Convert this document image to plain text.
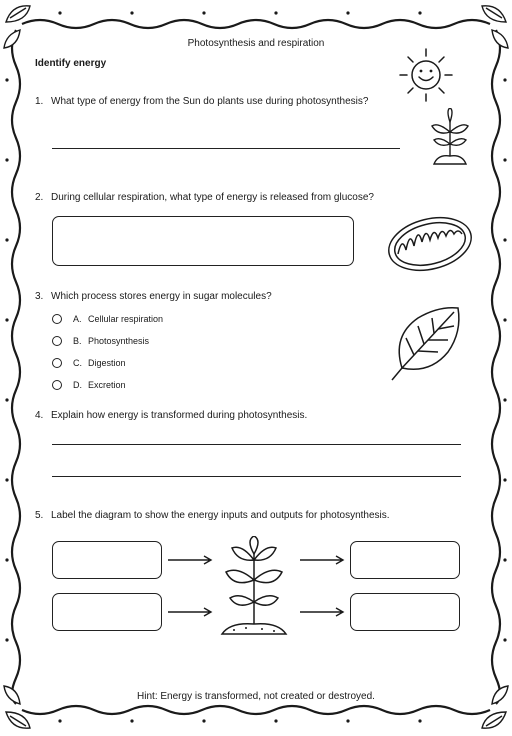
Photosynthesis and respiration
Identify energy
1. What type of energy from the Sun do plants use during photosynthesis?
2. During cellular respiration, what type of energy is released from glucose?
3. Which process stores energy in sugar molecules?
A. Cellular respiration
B. Photosynthesis
C. Digestion
D. Excretion
4. Explain how energy is transformed during photosynthesis.
5. Label the diagram to show the energy inputs and outputs for photosynthesis.
Hint: Energy is transformed, not created or destroyed.
